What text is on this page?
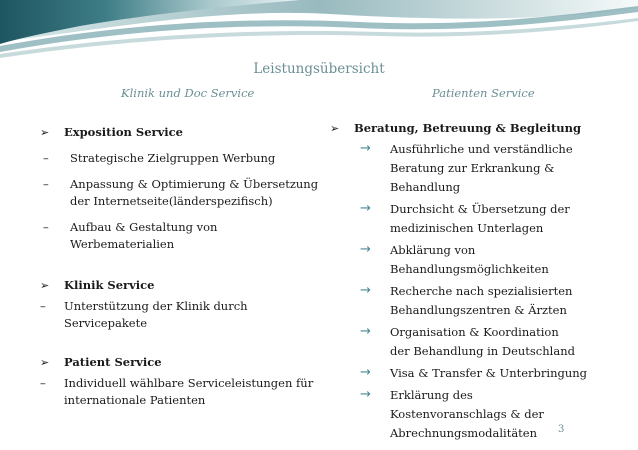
Leistungsübersicht
Klinik und Doc Service	Patienten Service
➢ Exposition Service
– Strategische Zielgruppen Werbung
– Anpassung & Optimierung & Übersetzung der Internetseite(länderspezifisch)
– Aufbau & Gestaltung von Werbematerialien
➢ Klinik Service
– Unterstützung der Klinik durch Servicepakete
➢ Patient Service
– Individuell wählbare Serviceleistungen für internationale Patienten
➢ Beratung, Betreuung & Begleitung
→ Ausführliche und verständliche Beratung zur Erkrankung & Behandlung
→ Durchsicht & Übersetzung der medizinischen Unterlagen
→ Abklärung von Behandlungsmöglichkeiten
→ Recherche nach spezialisierten Behandlungszentren & Ärzten
→ Organisation & Koordination der Behandlung in Deutschland
→ Visa & Transfer & Unterbringung
→ Erklärung des Kostenvoranschlags & der Abrechnungsmodalitäten	3
